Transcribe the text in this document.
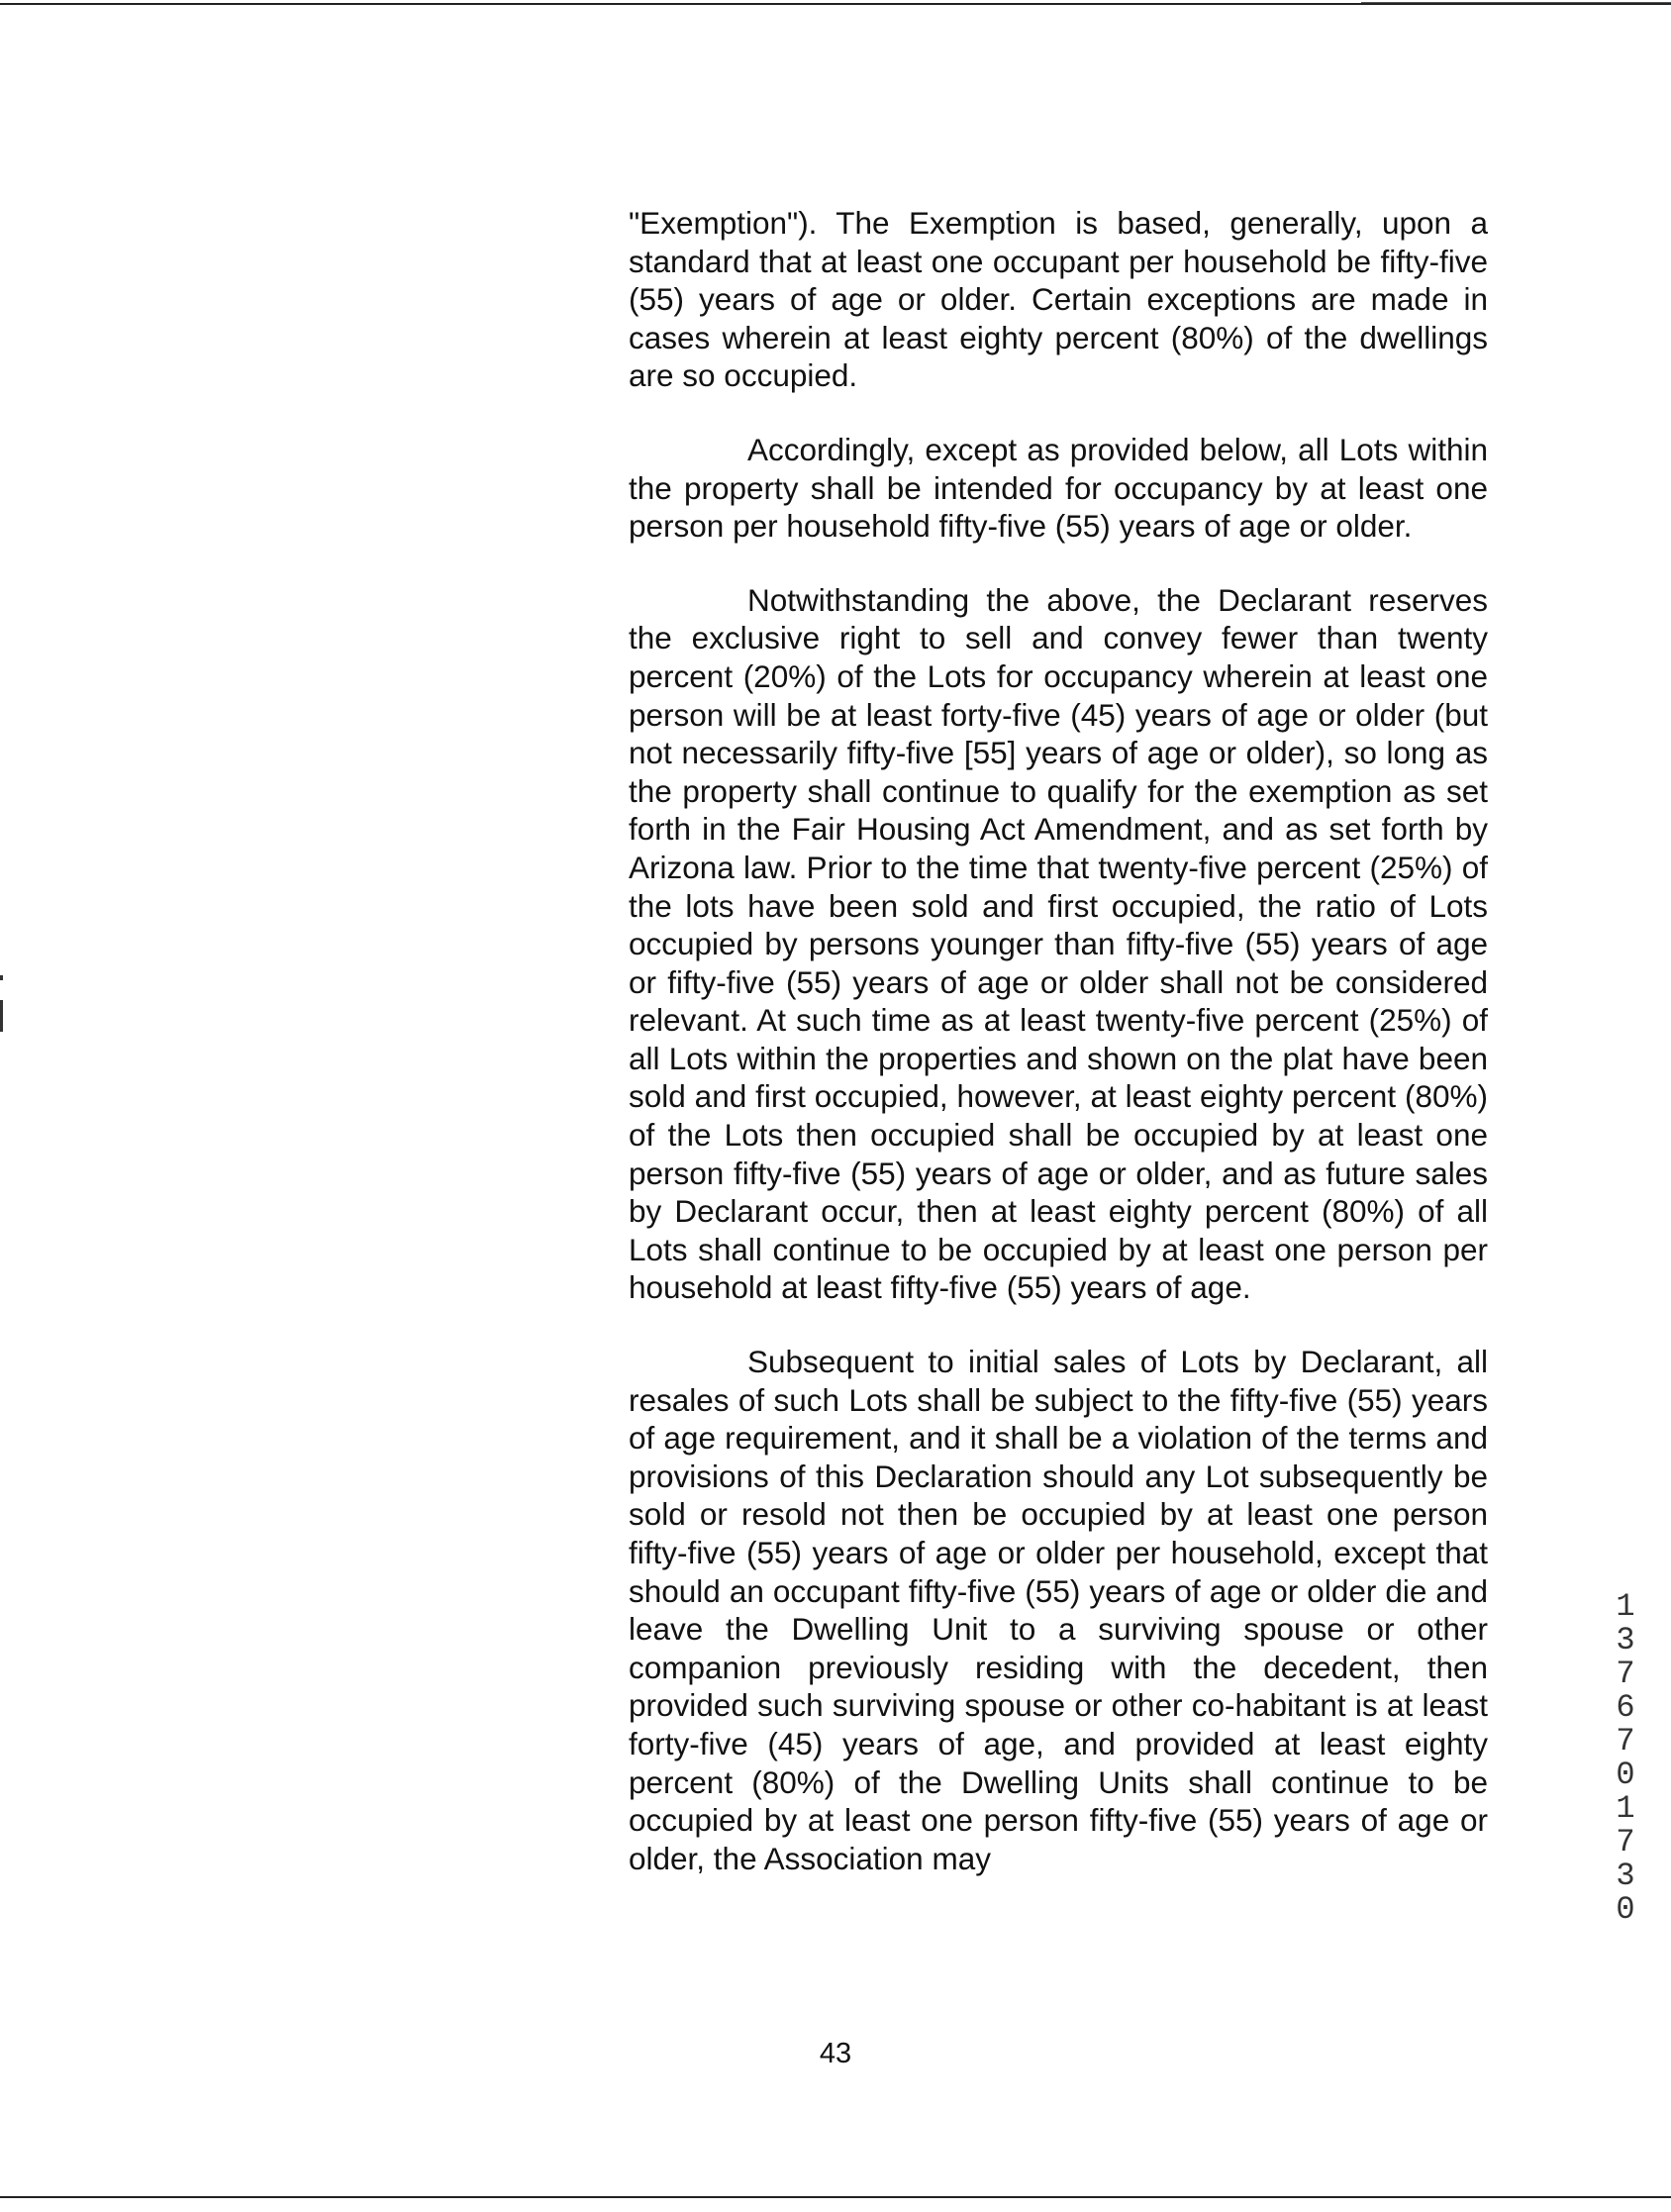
"Exemption"). The Exemption is based, generally, upon a standard that at least one occupant per household be fifty-five (55) years of age or older. Certain exceptions are made in cases wherein at least eighty percent (80%) of the dwellings are so occupied.

Accordingly, except as provided below, all Lots within the property shall be intended for occupancy by at least one person per household fifty-five (55) years of age or older.

Notwithstanding the above, the Declarant reserves the exclusive right to sell and convey fewer than twenty percent (20%) of the Lots for occupancy wherein at least one person will be at least forty-five (45) years of age or older (but not necessarily fifty-five [55] years of age or older), so long as the property shall continue to qualify for the exemption as set forth in the Fair Housing Act Amendment, and as set forth by Arizona law. Prior to the time that twenty-five percent (25%) of the lots have been sold and first occupied, the ratio of Lots occupied by persons younger than fifty-five (55) years of age or fifty-five (55) years of age or older shall not be considered relevant. At such time as at least twenty-five percent (25%) of all Lots within the properties and shown on the plat have been sold and first occupied, however, at least eighty percent (80%) of the Lots then occupied shall be occupied by at least one person fifty-five (55) years of age or older, and as future sales by Declarant occur, then at least eighty percent (80%) of all Lots shall continue to be occupied by at least one person per household at least fifty-five (55) years of age.

Subsequent to initial sales of Lots by Declarant, all resales of such Lots shall be subject to the fifty-five (55) years of age requirement, and it shall be a violation of the terms and provisions of this Declaration should any Lot subsequently be sold or resold not then be occupied by at least one person fifty-five (55) years of age or older per household, except that should an occupant fifty-five (55) years of age or older die and leave the Dwelling Unit to a surviving spouse or other companion previously residing with the decedent, then provided such surviving spouse or other co-habitant is at least forty-five (45) years of age, and provided at least eighty percent (80%) of the Dwelling Units shall continue to be occupied by at least one person fifty-five (55) years of age or older, the Association may

13767 01730
43
